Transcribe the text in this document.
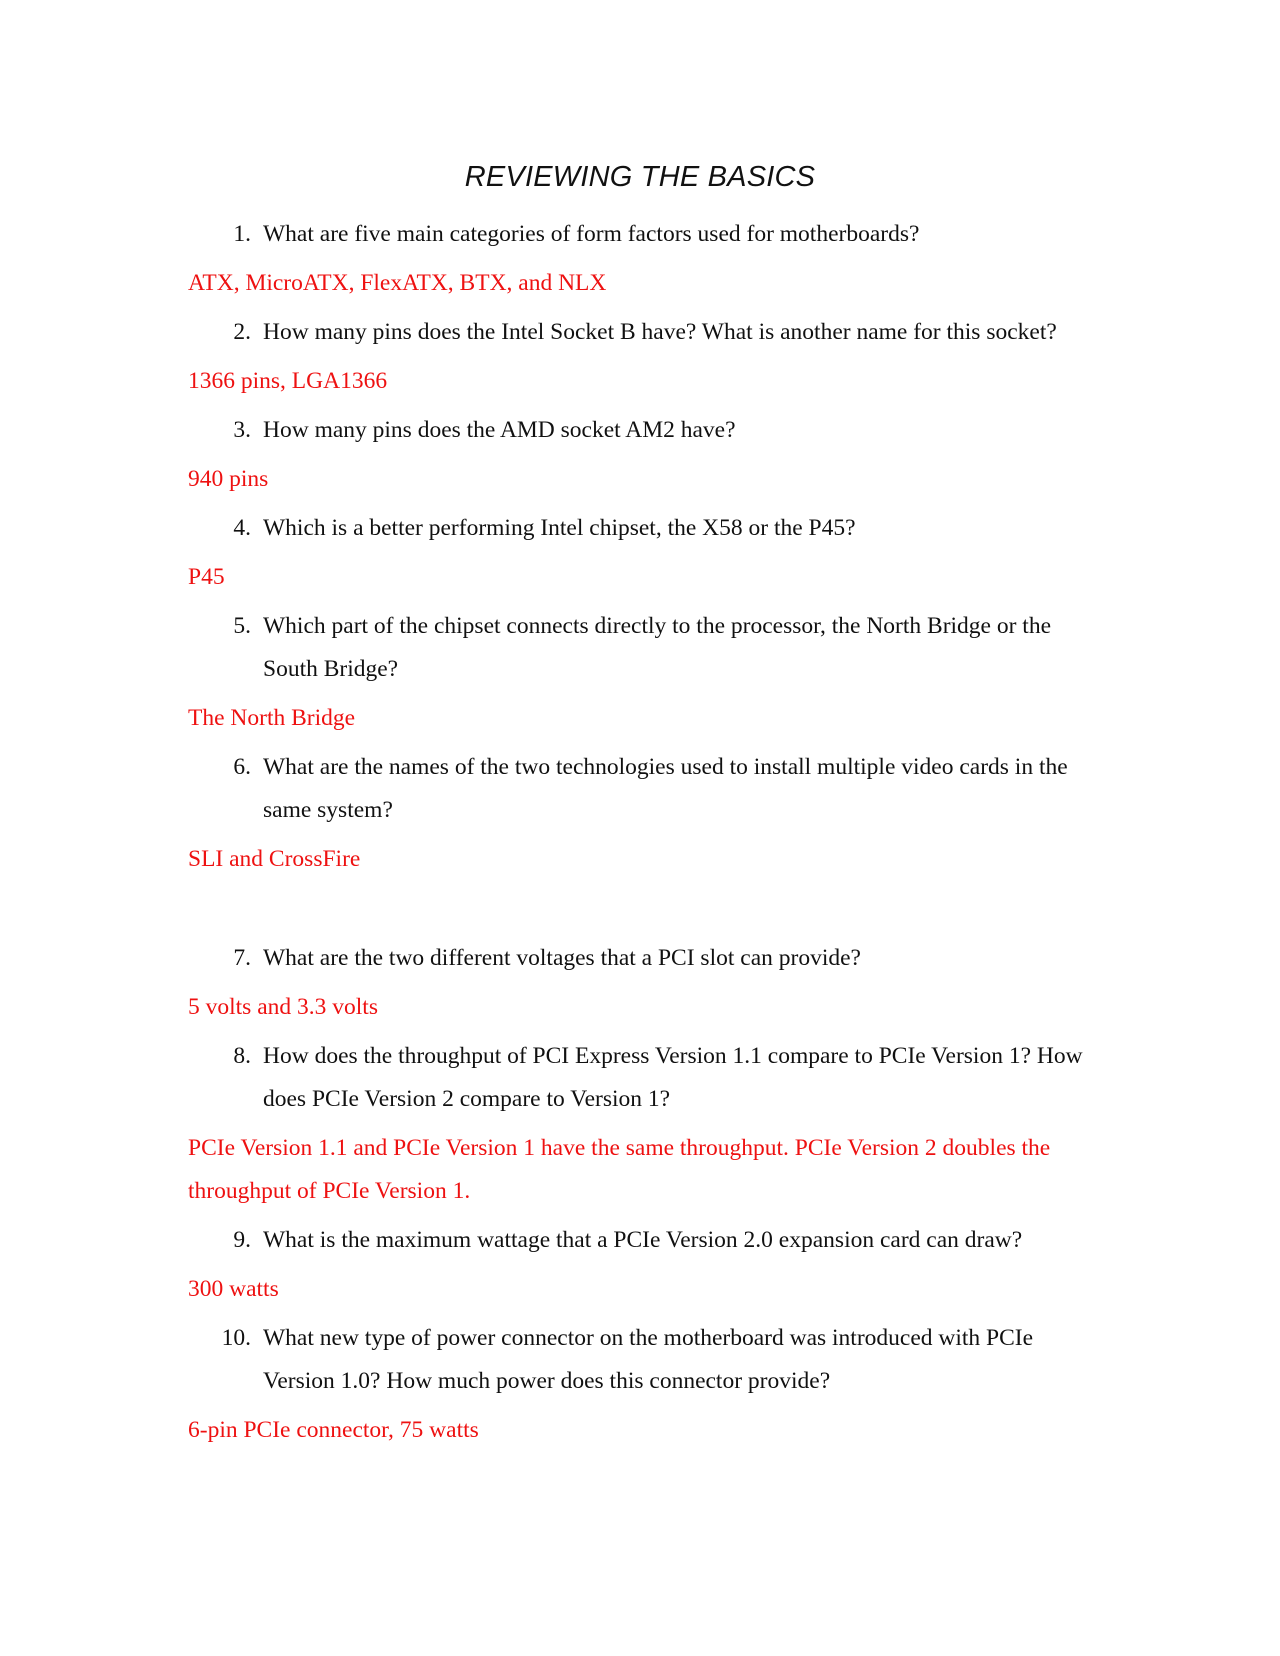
REVIEWING THE BASICS
1. What are five main categories of form factors used for motherboards?
ATX, MicroATX, FlexATX, BTX, and NLX
2. How many pins does the Intel Socket B have? What is another name for this socket?
1366 pins, LGA1366
3. How many pins does the AMD socket AM2 have?
940 pins
4. Which is a better performing Intel chipset, the X58 or the P45?
P45
5. Which part of the chipset connects directly to the processor, the North Bridge or the South Bridge?
The North Bridge
6. What are the names of the two technologies used to install multiple video cards in the same system?
SLI and CrossFire
7. What are the two different voltages that a PCI slot can provide?
5 volts and 3.3 volts
8. How does the throughput of PCI Express Version 1.1 compare to PCIe Version 1? How does PCIe Version 2 compare to Version 1?
PCIe Version 1.1 and PCIe Version 1 have the same throughput. PCIe Version 2 doubles the throughput of PCIe Version 1.
9. What is the maximum wattage that a PCIe Version 2.0 expansion card can draw?
300 watts
10. What new type of power connector on the motherboard was introduced with PCIe Version 1.0? How much power does this connector provide?
6-pin PCIe connector, 75 watts
